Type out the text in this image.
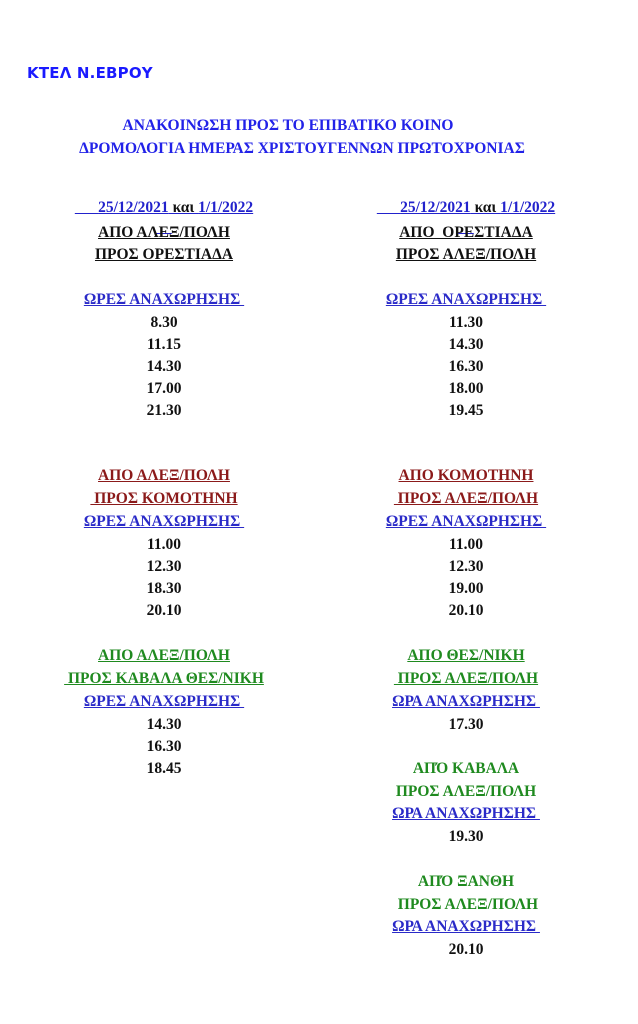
ΚΤΕΛ Ν.ΕΒΡΟΥ
ΑΝΑΚΟΙΝΩΣΗ ΠΡΟΣ ΤΟ ΕΠΙΒΑΤΙΚΟ ΚΟΙΝΟ
ΔΡΟΜΟΛΟΓΙΑ ΗΜΕΡΑΣ ΧΡΙΣΤΟΥΓΕΝΝΩΝ ΠΡΩΤΟΧΡΟΝΙΑΣ

25/12/2021 και 1/1/2022

ΑΠΟ ΑΛΕΞ/ΠΟΛΗ
ΠΡΟΣ ΟΡΕΣΤΙΑΔΑ
ΩΡΕΣ ΑΝΑΧΩΡΗΣΗΣ
8.30
11.15
14.30
17.00
21.30
ΑΠΟ ΑΛΕΞ/ΠΟΛΗ
ΠΡΟΣ ΚΟΜΟΤΗΝΗ
ΩΡΕΣ ΑΝΑΧΩΡΗΣΗΣ
11.00
12.30
18.30
20.10
ΑΠΟ ΑΛΕΞ/ΠΟΛΗ
ΠΡΟΣ ΚΑΒΑΛΑ ΘΕΣ/ΝΙΚΗ
ΩΡΕΣ ΑΝΑΧΩΡΗΣΗΣ
14.30
16.30
18.45

25/12/2021 και 1/1/2022

ΑΠΟ  ΟΡΕΣΤΙΑΔΑ
ΠΡΟΣ ΑΛΕΞ/ΠΟΛΗ
ΩΡΕΣ ΑΝΑΧΩΡΗΣΗΣ
11.30
14.30
16.30
18.00
19.45
ΑΠΟ ΚΟΜΟΤΗΝΗ
ΠΡΟΣ ΑΛΕΞ/ΠΟΛΗ
ΩΡΕΣ ΑΝΑΧΩΡΗΣΗΣ
11.00
12.30
19.00
20.10
ΑΠΟ ΘΕΣ/ΝΙΚΗ
ΠΡΟΣ ΑΛΕΞ/ΠΟΛΗ
ΩΡΑ ΑΝΑΧΩΡΗΣΗΣ
17.30
ΑΠΌ ΚΑΒΑΛΑ
ΠΡΟΣ ΑΛΕΞ/ΠΟΛΗ
ΩΡΑ ΑΝΑΧΩΡΗΣΗΣ
19.30
ΑΠΌ ΞΑΝΘΗ
ΠΡΟΣ ΑΛΕΞ/ΠΟΛΗ
ΩΡΑ ΑΝΑΧΩΡΗΣΗΣ
20.10
